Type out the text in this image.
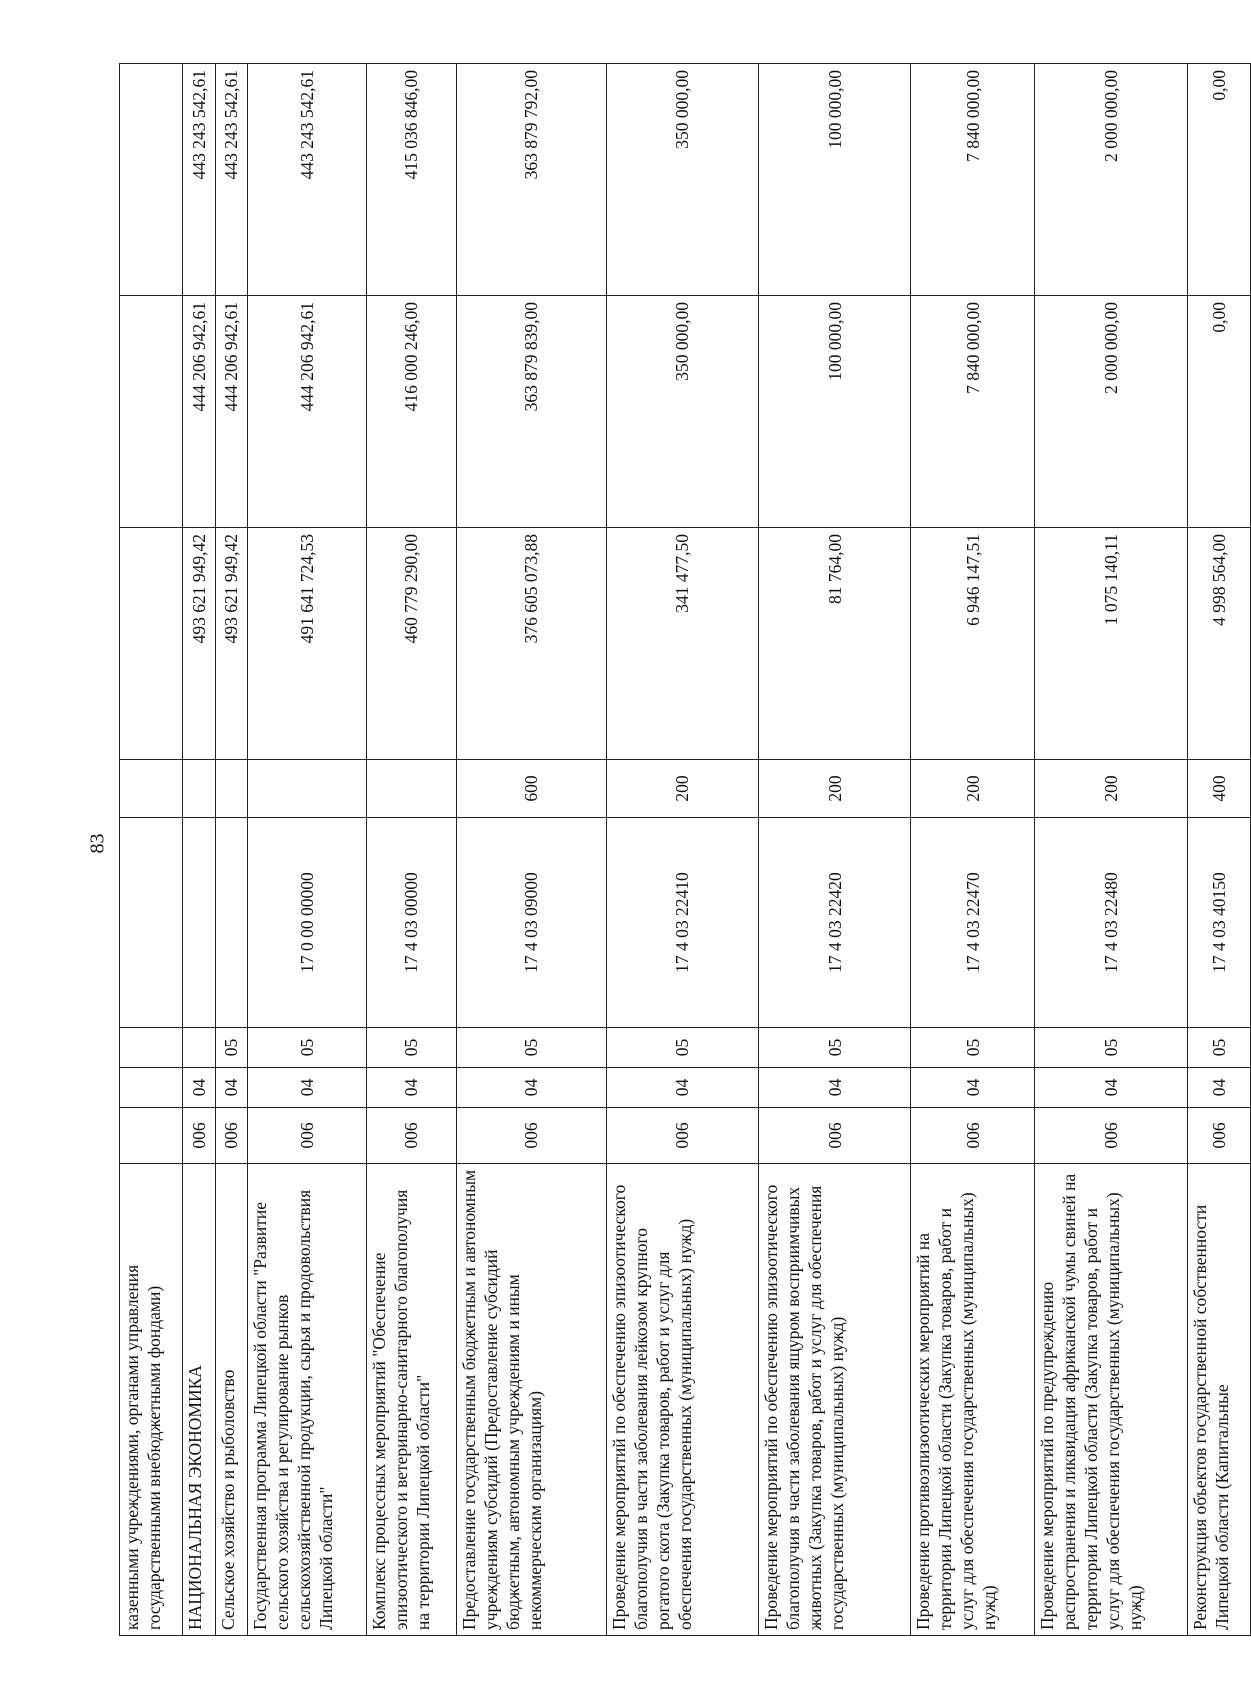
83
казенными учреждениями, органами управления государственными внебюджетными фондами)								
НАЦИОНАЛЬНАЯ ЭКОНОМИКА	006	04				493 621 949,42	444 206 942,61	443 243 542,61
Сельское хозяйство и рыболовство	006	04	05			493 621 949,42	444 206 942,61	443 243 542,61
Государственная программа Липецкой области "Развитие сельского хозяйства и регулирование рынков сельскохозяйственной продукции, сырья и продовольствия Липецкой области"	006	04	05	17 0 00 00000		491 641 724,53	444 206 942,61	443 243 542,61
Комплекс процессных мероприятий "Обеспечение эпизоотического и ветеринарно-санитарного благополучия на территории Липецкой области"	006	04	05	17 4 03 00000		460 779 290,00	416 000 246,00	415 036 846,00
Предоставление государственным бюджетным и автономным учреждениям субсидий (Предоставление субсидий бюджетным, автономным учреждениям и иным некоммерческим организациям)	006	04	05	17 4 03 09000	600	376 605 073,88	363 879 839,00	363 879 792,00
Проведение мероприятий по обеспечению эпизоотического благополучия в части заболевания лейкозом крупного рогатого скота (Закупка товаров, работ и услуг для обеспечения государственных (муниципальных) нужд)	006	04	05	17 4 03 22410	200	341 477,50	350 000,00	350 000,00
Проведение мероприятий по обеспечению эпизоотического благополучия в части заболевания ящуром восприимчивых животных (Закупка товаров, работ и услуг для обеспечения государственных (муниципальных) нужд)	006	04	05	17 4 03 22420	200	81 764,00	100 000,00	100 000,00
Проведение противоэпизоотических мероприятий на территории Липецкой области (Закупка товаров, работ и услуг для обеспечения государственных (муниципальных) нужд)	006	04	05	17 4 03 22470	200	6 946 147,51	7 840 000,00	7 840 000,00
Проведение мероприятий по предупреждению распространения и ликвидация африканской чумы свиней на территории Липецкой области (Закупка товаров, работ и услуг для обеспечения государственных (муниципальных) нужд)	006	04	05	17 4 03 22480	200	1 075 140,11	2 000 000,00	2 000 000,00
Реконструкция объектов государственной собственности Липецкой области (Капитальные	006	04	05	17 4 03 40150	400	4 998 564,00	0,00	0,00
